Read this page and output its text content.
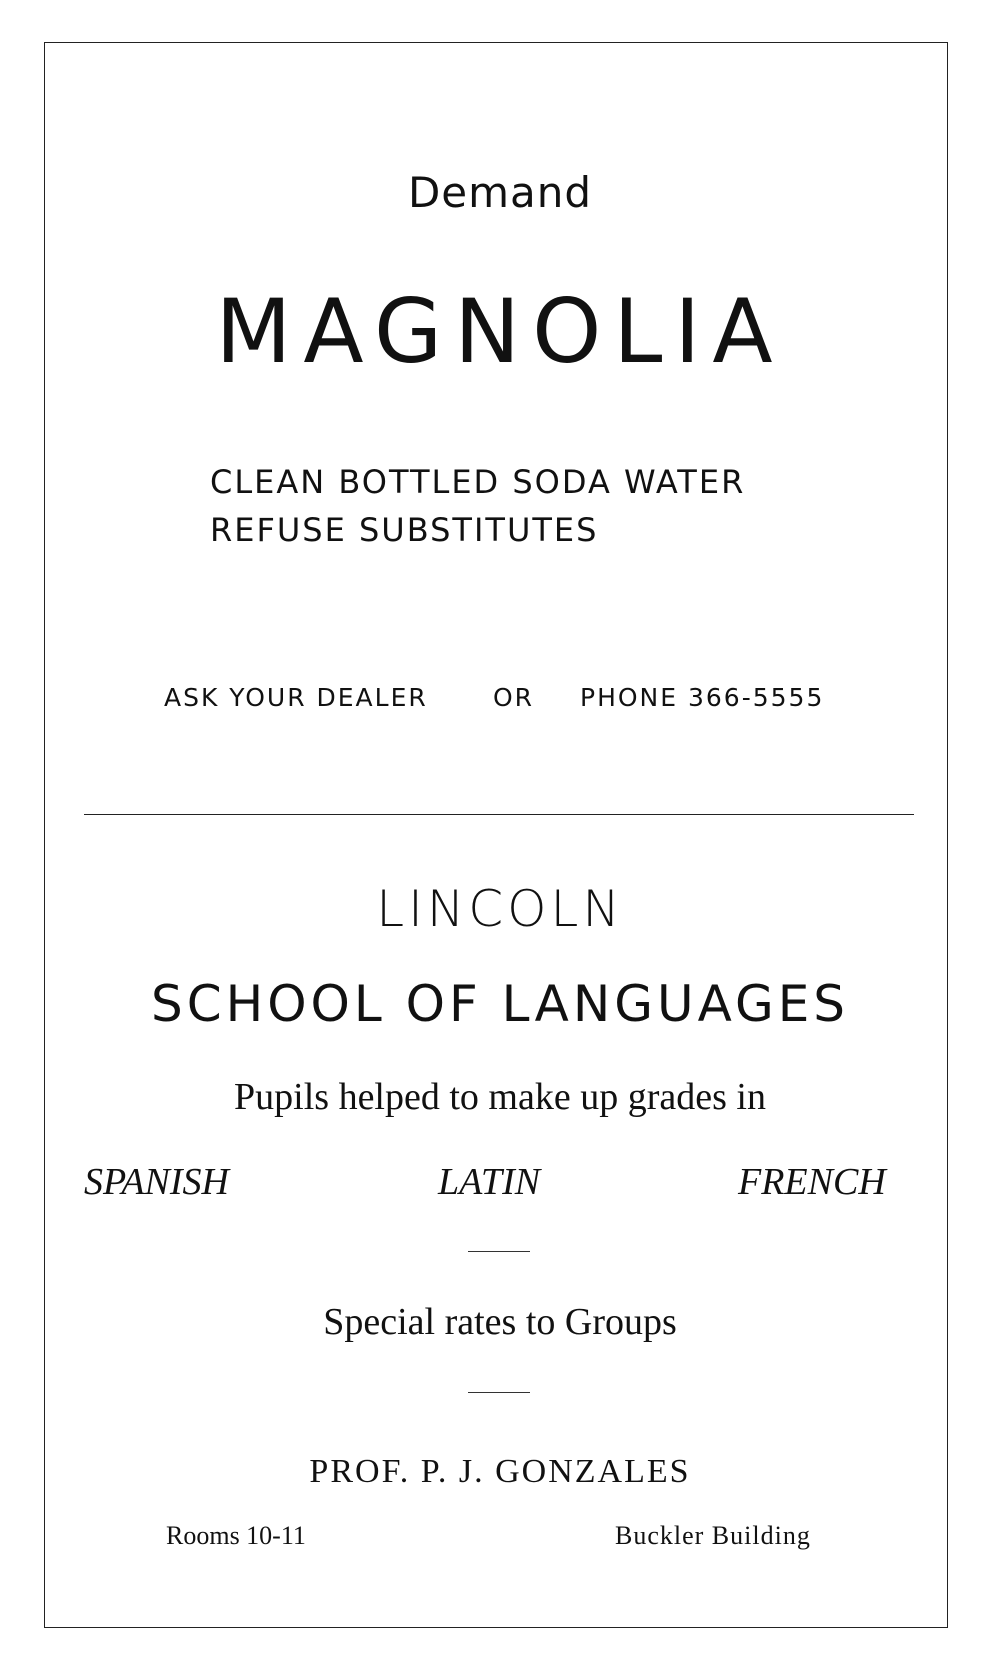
Demand
MAGNOLIA
CLEAN BOTTLED SODA WATER
REFUSE SUBSTITUTES
ASK YOUR DEALER	OR PHONE 366-5555
LINCOLN
SCHOOL OF LANGUAGES
Pupils helped to make up grades in
SPANISH	LATIN	FRENCH
Special rates to Groups
PROF. P. J. GONZALES
Rooms 10-11	Buckler Building
